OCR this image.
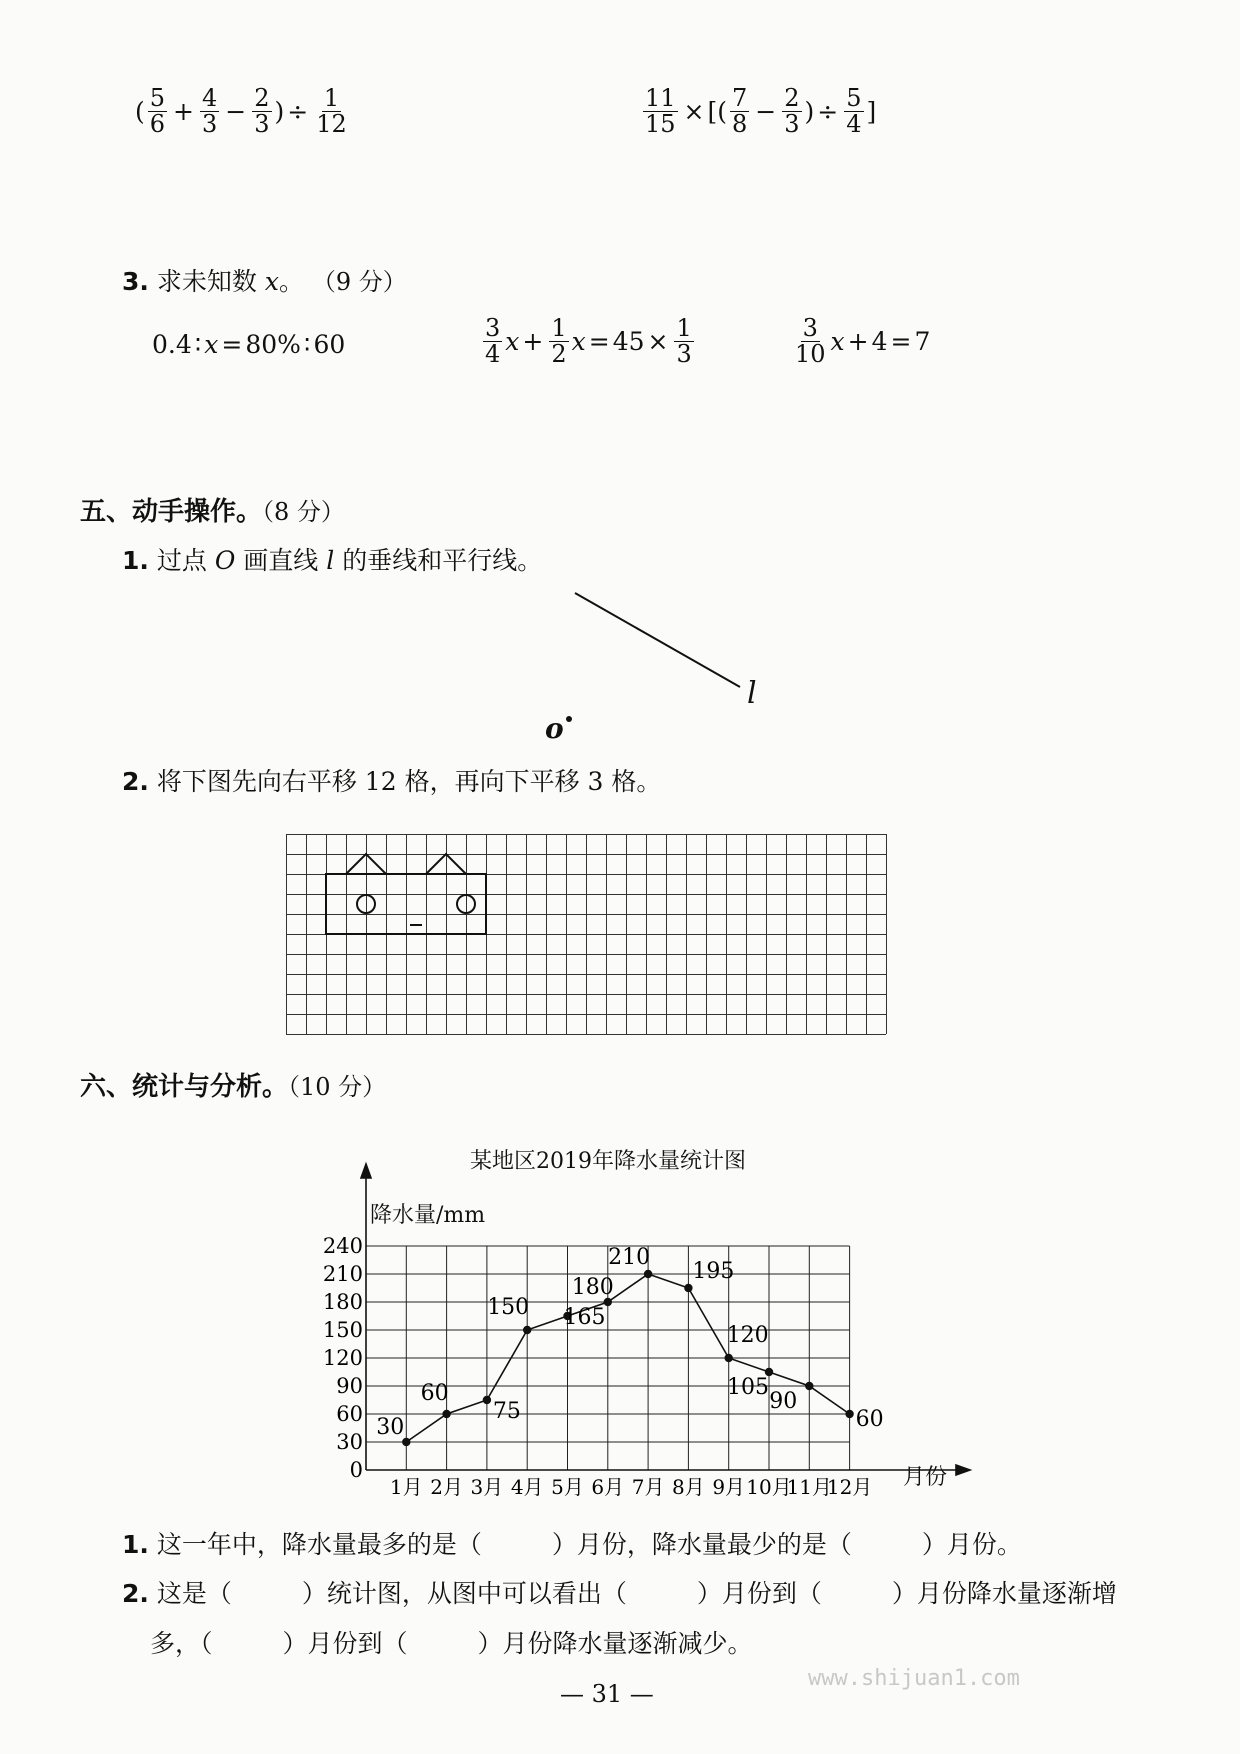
( $\frac{5}{6} + \frac{4}{3} - \frac{2}{3}$ ) ÷ $\frac{1}{12}$	$\frac{11}{15}$ × [( $\frac{7}{8} - \frac{2}{3}$ ) ÷ $\frac{5}{4}$ ]
3. 求未知数 x。 （9 分）
0.4 ∶ x = 80% ∶ 60	$\frac{3}{4}$ $x + \frac{1}{2}$ $x = 45 \times \frac{1}{3}$	$\frac{3}{10}$ x + 4 = 7
五、动手操作。（8 分）
1. 过点 O 画直线 l 的垂线和平行线。
l
o
2. 将下图先向右平移 12 格，再向下平移 3 格。
六、统计与分析。（10 分）
某地区2019年降水量统计图
降水量/mm
月份
0
30
60
90
120
150
180
210
240
1月 2月 3月 4月 5月 6月 7月 8月 9月 10月
11月
12月
30
60
75
150 165
180
210
195
120
105
90
60
1. 这一年中，降水量最多的是（	）月份，降水量最少的是（	）月份。
2. 这是（	）统计图，从图中可以看出（	）月份到（	）月份降水量逐渐增
多，（	）月份到（	）月份降水量逐渐减少。
— 31 —
www.shijuan1.com
